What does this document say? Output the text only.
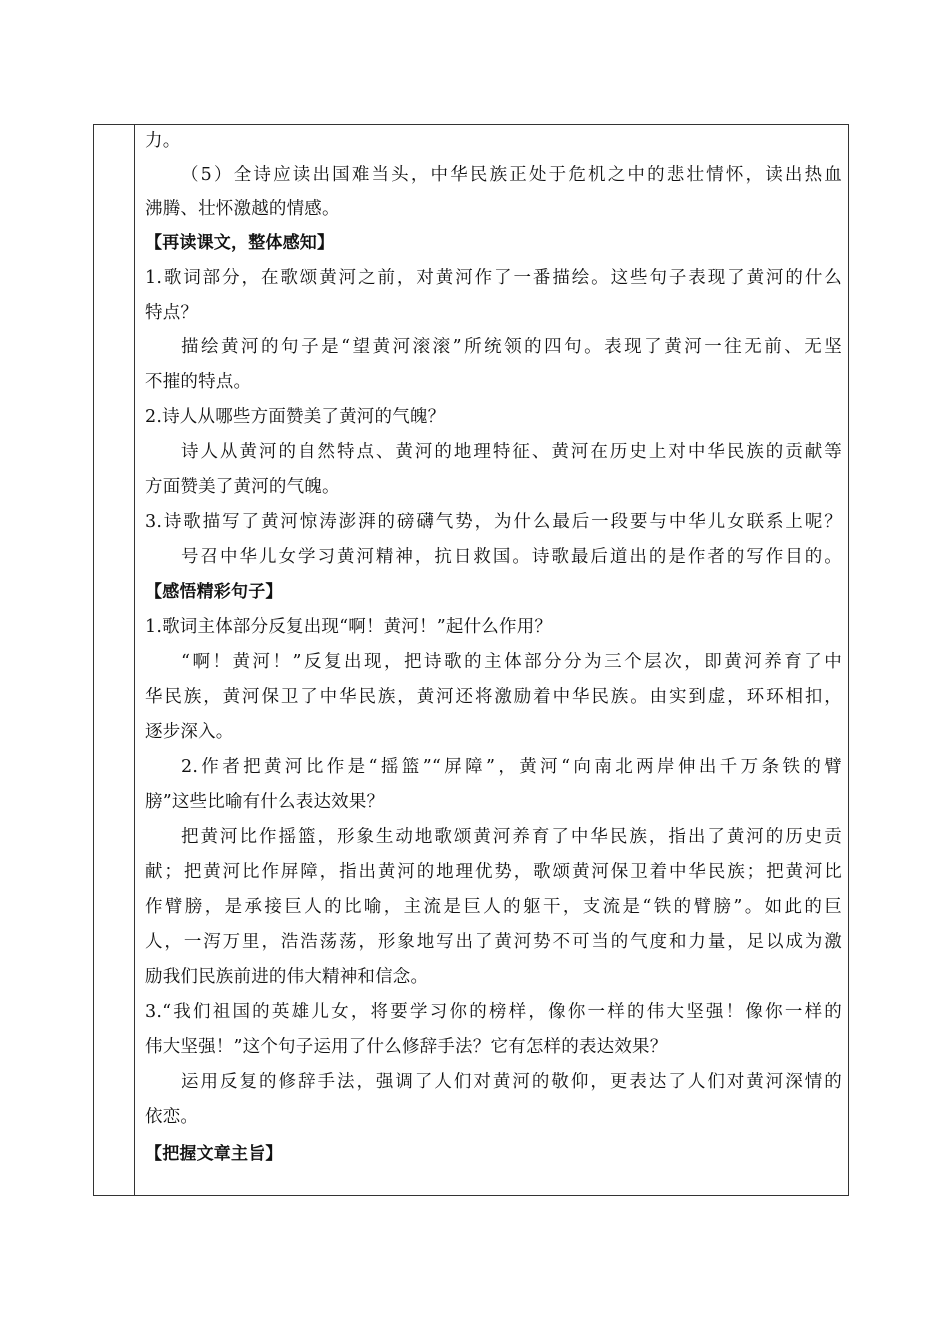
力。
（5）全诗应读出国难当头，中华民族正处于危机之中的悲壮情怀，读出热血
沸腾、壮怀激越的情感。
【再读课文，整体感知】
1.歌词部分，在歌颂黄河之前，对黄河作了一番描绘。这些句子表现了黄河的什么
特点？
描绘黄河的句子是“望黄河滚滚”所统领的四句。表现了黄河一往无前、无坚
不摧的特点。
2.诗人从哪些方面赞美了黄河的气魄？
诗人从黄河的自然特点、黄河的地理特征、黄河在历史上对中华民族的贡献等
方面赞美了黄河的气魄。
3.诗歌描写了黄河惊涛澎湃的磅礴气势，为什么最后一段要与中华儿女联系上呢？
号召中华儿女学习黄河精神，抗日救国。诗歌最后道出的是作者的写作目的。
【感悟精彩句子】
1.歌词主体部分反复出现“啊！黄河！”起什么作用？
“啊！黄河！”反复出现，把诗歌的主体部分分为三个层次，即黄河养育了中
华民族，黄河保卫了中华民族，黄河还将激励着中华民族。由实到虚，环环相扣，
逐步深入。
2.作者把黄河比作是“摇篮”“屏障”，黄河“向南北两岸伸出千万条铁的臂
膀”这些比喻有什么表达效果？
把黄河比作摇篮，形象生动地歌颂黄河养育了中华民族，指出了黄河的历史贡
献；把黄河比作屏障，指出黄河的地理优势，歌颂黄河保卫着中华民族；把黄河比
作臂膀，是承接巨人的比喻，主流是巨人的躯干，支流是“铁的臂膀”。如此的巨
人，一泻万里，浩浩荡荡，形象地写出了黄河势不可当的气度和力量，足以成为激
励我们民族前进的伟大精神和信念。
3.“我们祖国的英雄儿女，将要学习你的榜样，像你一样的伟大坚强！像你一样的
伟大坚强！”这个句子运用了什么修辞手法？它有怎样的表达效果？
运用反复的修辞手法，强调了人们对黄河的敬仰，更表达了人们对黄河深情的
依恋。
【把握文章主旨】
